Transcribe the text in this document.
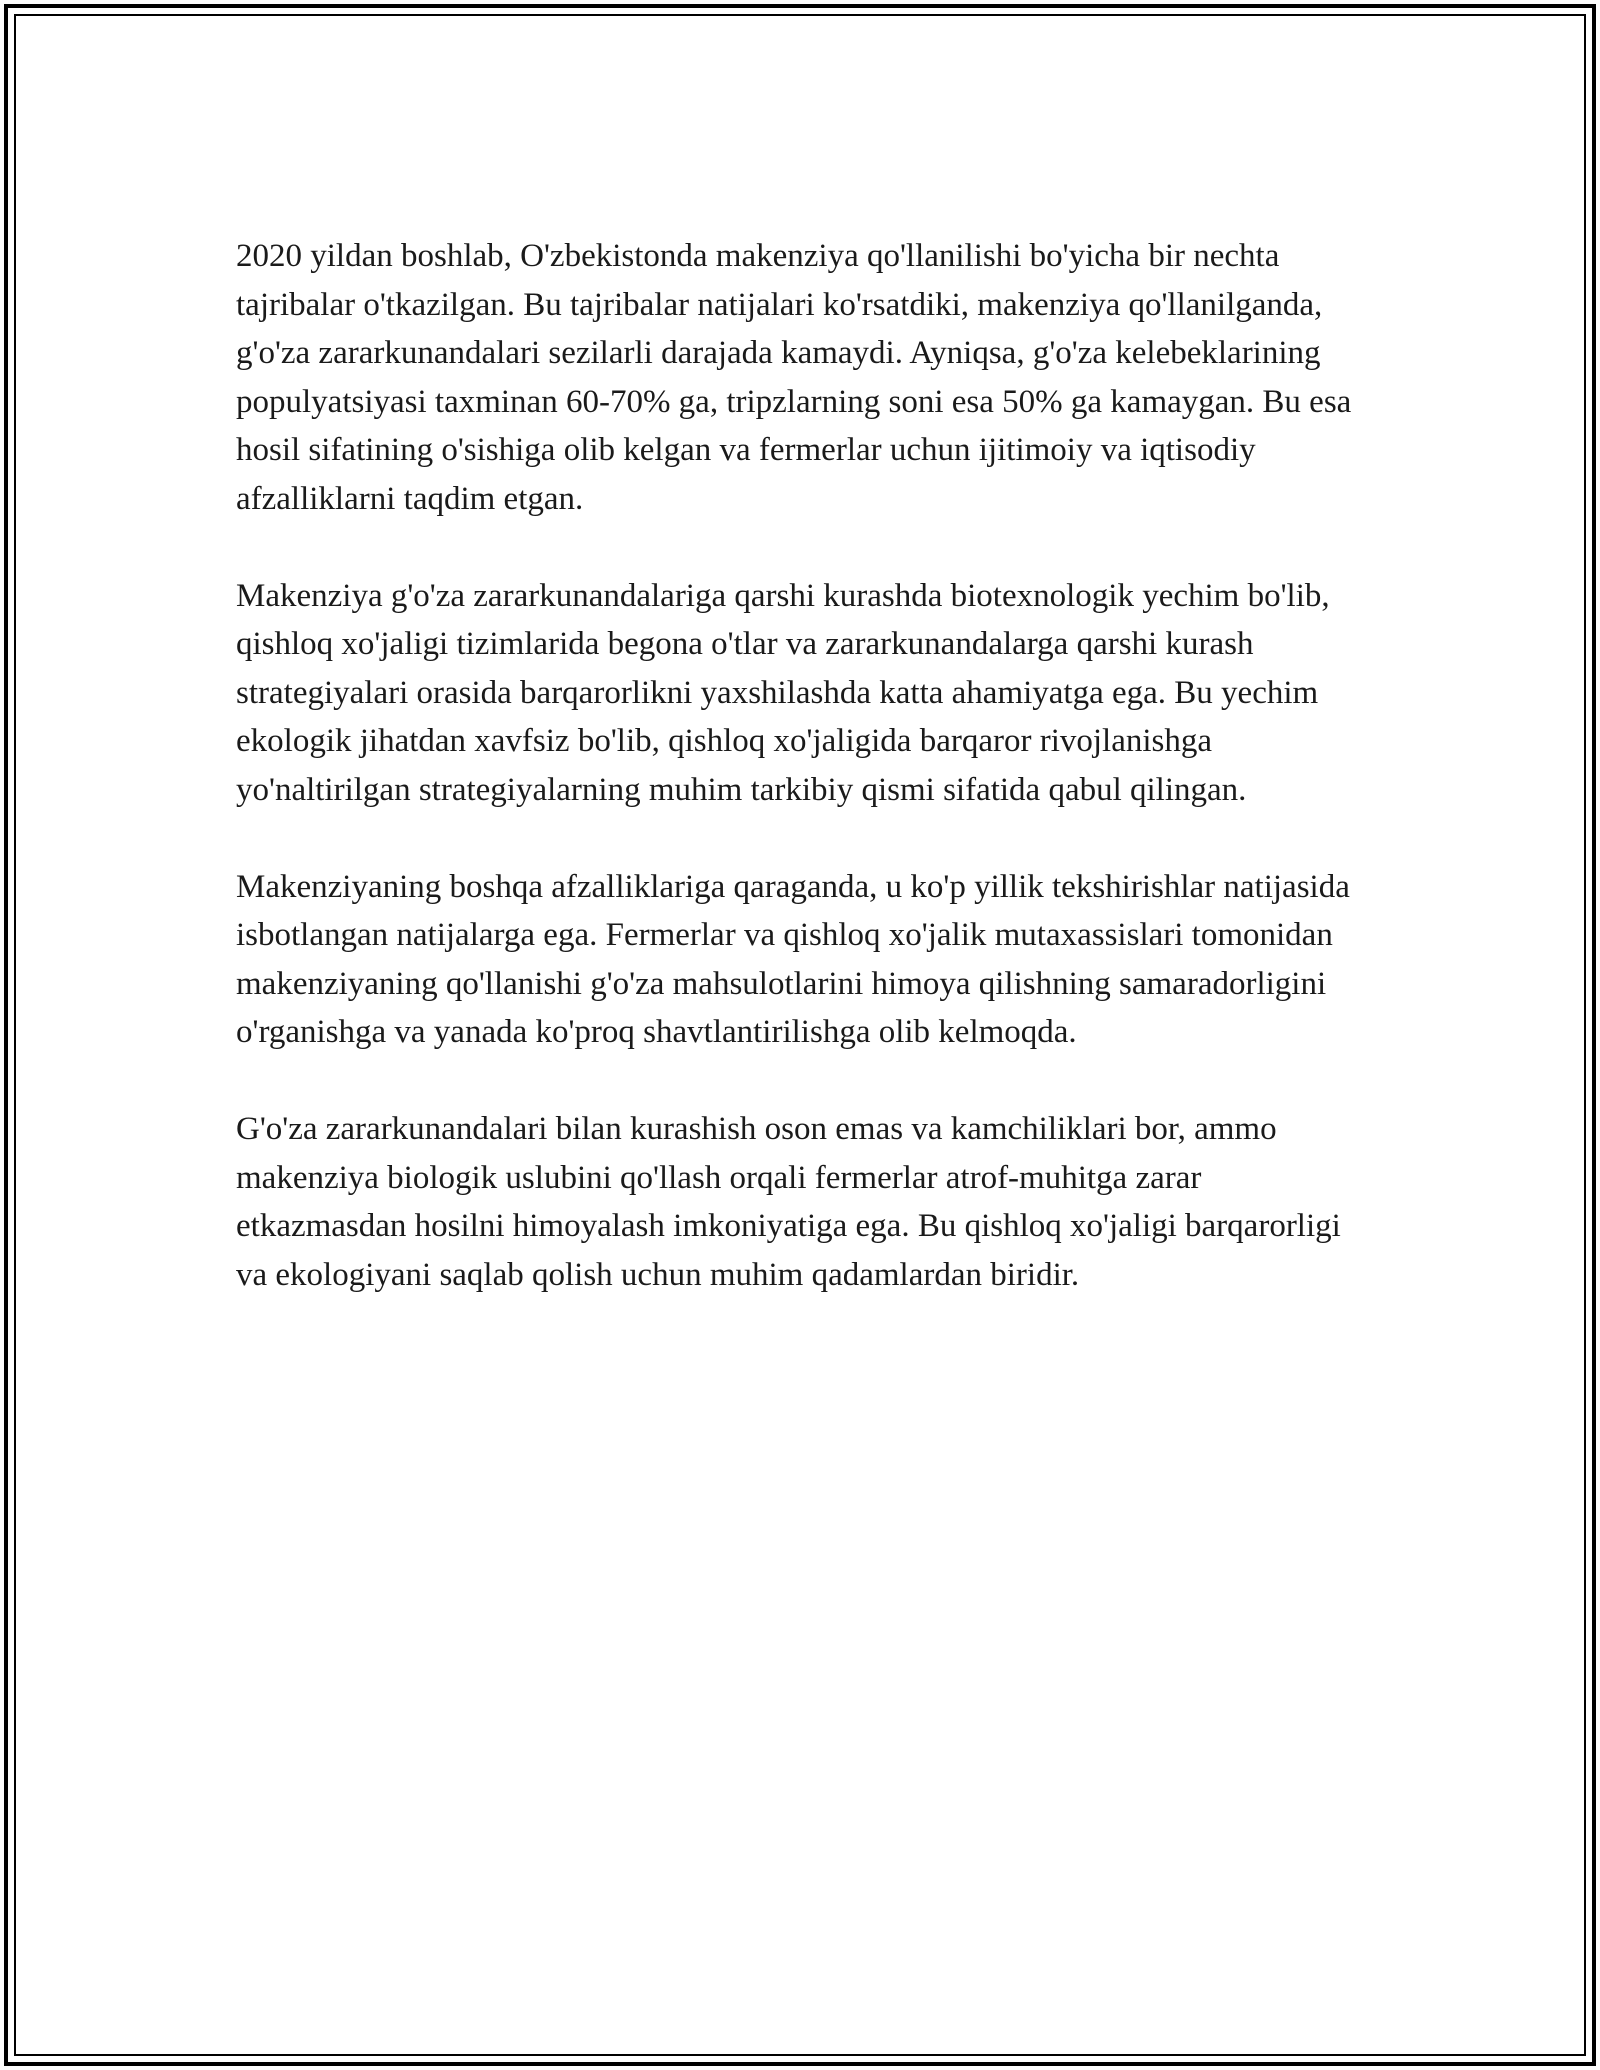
2020 yildan boshlab, O'zbekistonda makenziya qo'llanilishi bo'yicha bir nechta tajribalar o'tkazilgan. Bu tajribalar natijalari ko'rsatdiki, makenziya qo'llanilganda, g'o'za zararkunandalari sezilarli darajada kamaydi. Ayniqsa, g'o'za kelebeklarining populyatsiyasi taxminan 60-70% ga, tripzlarning soni esa 50% ga kamaygan. Bu esa hosil sifatining o'sishiga olib kelgan va fermerlar uchun ijitimoiy va iqtisodiy afzalliklarni taqdim etgan.

Makenziya g'o'za zararkunandalariga qarshi kurashda biotexnologik yechim bo'lib, qishloq xo'jaligi tizimlarida begona o'tlar va zararkunandalarga qarshi kurash strategiyalari orasida barqarorlikni yaxshilashda katta ahamiyatga ega. Bu yechim ekologik jihatdan xavfsiz bo'lib, qishloq xo'jaligida barqaror rivojlanishga yo'naltirilgan strategiyalarning muhim tarkibiy qismi sifatida qabul qilingan.

Makenziyaning boshqa afzalliklariga qaraganda, u ko'p yillik tekshirishlar natijasida isbotlangan natijalarga ega. Fermerlar va qishloq xo'jalik mutaxassislari tomonidan makenziyaning qo'llanishi g'o'za mahsulotlarini himoya qilishning samaradorligini o'rganishga va yanada ko'proq shavtlantirilishga olib kelmoqda.

G'o'za zararkunandalari bilan kurashish oson emas va kamchiliklari bor, ammo makenziya biologik uslubini qo'llash orqali fermerlar atrof-muhitga zarar etkazmasdan hosilni himoyalash imkoniyatiga ega. Bu qishloq xo'jaligi barqarorligi va ekologiyani saqlab qolish uchun muhim qadamlardan biridir.
